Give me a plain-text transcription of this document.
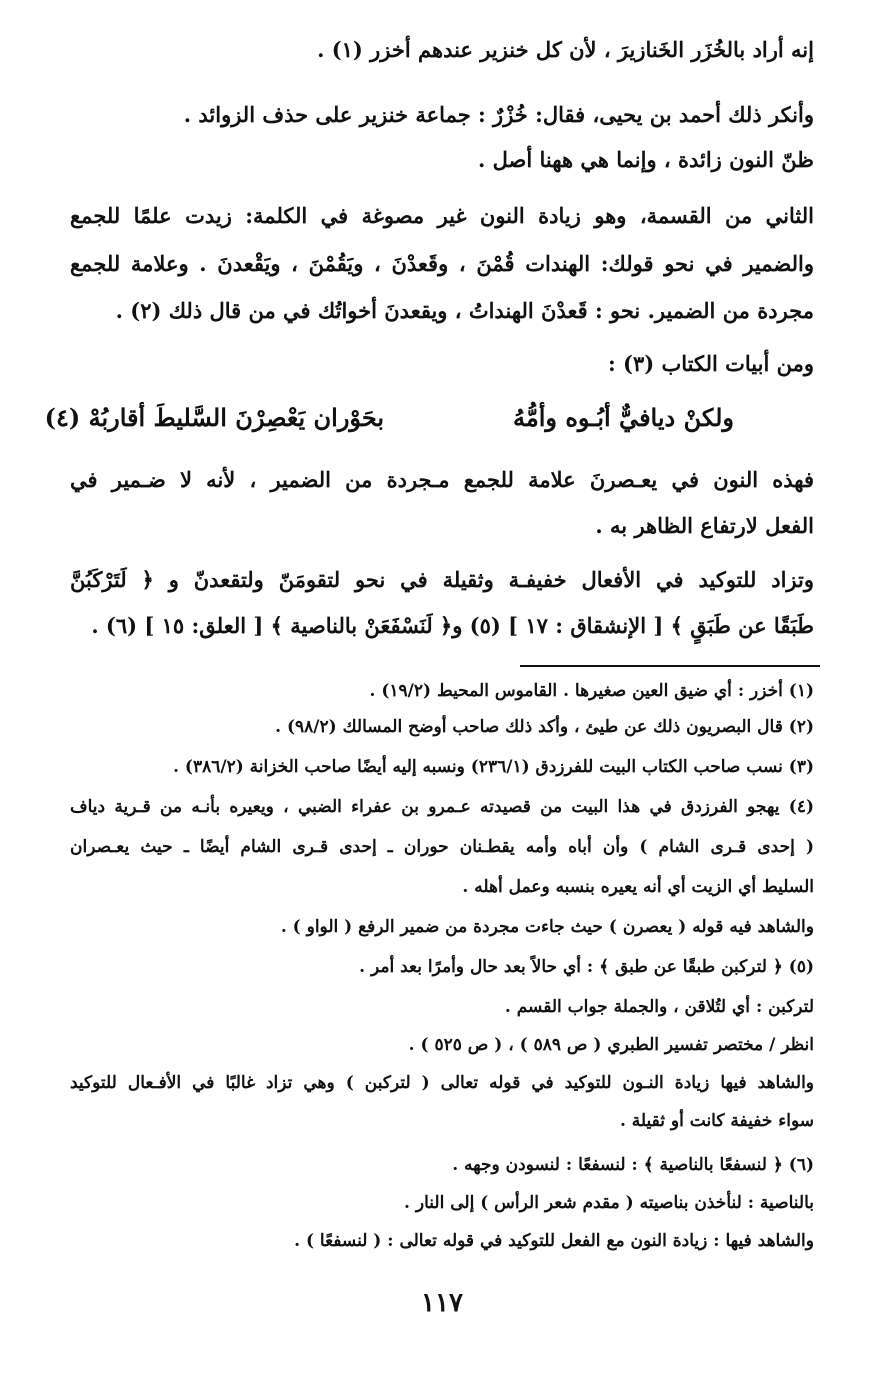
إنه أراد بالخُزَر الخَنازيرَ ، لأن كل خنزير عندهم أخزر (١) .
وأنكر ذلك أحمد بن يحيى، فقال: خُزْرٌ : جماعة خنزير على حذف الزوائد .
ظنّ النون زائدة ، وإنما هي ههنا أصل .
الثاني من القسمة، وهو زيادة النون غير مصوغة في الكلمة: زيدت علمًا للجمع
والضمير في نحو قولك: الهندات قُمْنَ ، وقَعدْنَ ، ويَقُمْنَ ، ويَقْعدنَ . وعلامة للجمع
مجردة من الضمير. نحو : قَعدْنَ الهنداتُ ، ويقعدنَ أخواتُك في من قال ذلك (٢) .
ومن أبيات الكتاب (٣) :
ولكنْ ديافيٌّ أبُـوه وأمُّهُ
بحَوْران يَعْصِرْنَ السَّليطَ أقاربُهْ (٤)
فهذه النون في يعـصرنَ علامة للجمع مـجردة من الضمير ، لأنه لا ضـمير في
الفعل لارتفاع الظاهر به .
وتزاد للتوكيد في الأفعال خفيفـة وثقيلة في نحو لتقومَنّ ولتقعدنّ و ﴿ لَتَرْكَبُنَّ
طَبَقًا عن طَبَقٍ ﴾ [ الإنشقاق : ١٧ ] (٥) و﴿ لَنَسْفَعَنْ بالناصية ﴾ [ العلق: ١٥ ] (٦) .
(١) أخزر : أي ضيق العين صغيرها . القاموس المحيط (١٩/٢) .
(٢) قال البصريون ذلك عن طيئ ، وأكد ذلك صاحب أوضح المسالك (٩٨/٢) .
(٣) نسب صاحب الكتاب البيت للفرزدق (٢٣٦/١) ونسبه إليه أيضًا صاحب الخزانة (٣٨٦/٢) .
(٤) يهجو الفرزدق في هذا البيت من قصيدته عـمرو بن عفراء الضبي ، ويعيره بأنـه من قـرية دياف
( إحدى قـرى الشام ) وأن أباه وأمه يقطـنان حوران ـ إحدى قـرى الشام أيضًا ـ حيث يعـصران
السليط أي الزيت أي أنه يعيره بنسبه وعمل أهله .
والشاهد فيه قوله ( يعصرن ) حيث جاءت مجردة من ضمير الرفع ( الواو ) .
(٥) ﴿ لتركبن طبقًا عن طبق ﴾ : أي حالاً بعد حال وأمرًا بعد أمر .
لتركبن : أي لتُلاقن ، والجملة جواب القسم .
انظر / مختصر تفسير الطبري ( ص ٥٨٩ ) ، ( ص ٥٢٥ ) .
والشاهد فيها زيادة النـون للتوكيد في قوله تعالى ( لتركبن ) وهي تزاد غالبًا في الأفـعال للتوكيد
سواء خفيفة كانت أو ثقيلة .
(٦) ﴿ لنسفعًا بالناصية ﴾ : لنسفعًا : لنسودن وجهه .
بالناصية : لنأخذن بناصيته ( مقدم شعر الرأس ) إلى النار .
والشاهد فيها : زيادة النون مع الفعل للتوكيد في قوله تعالى : ( لنسفعًا ) .
١١٧
